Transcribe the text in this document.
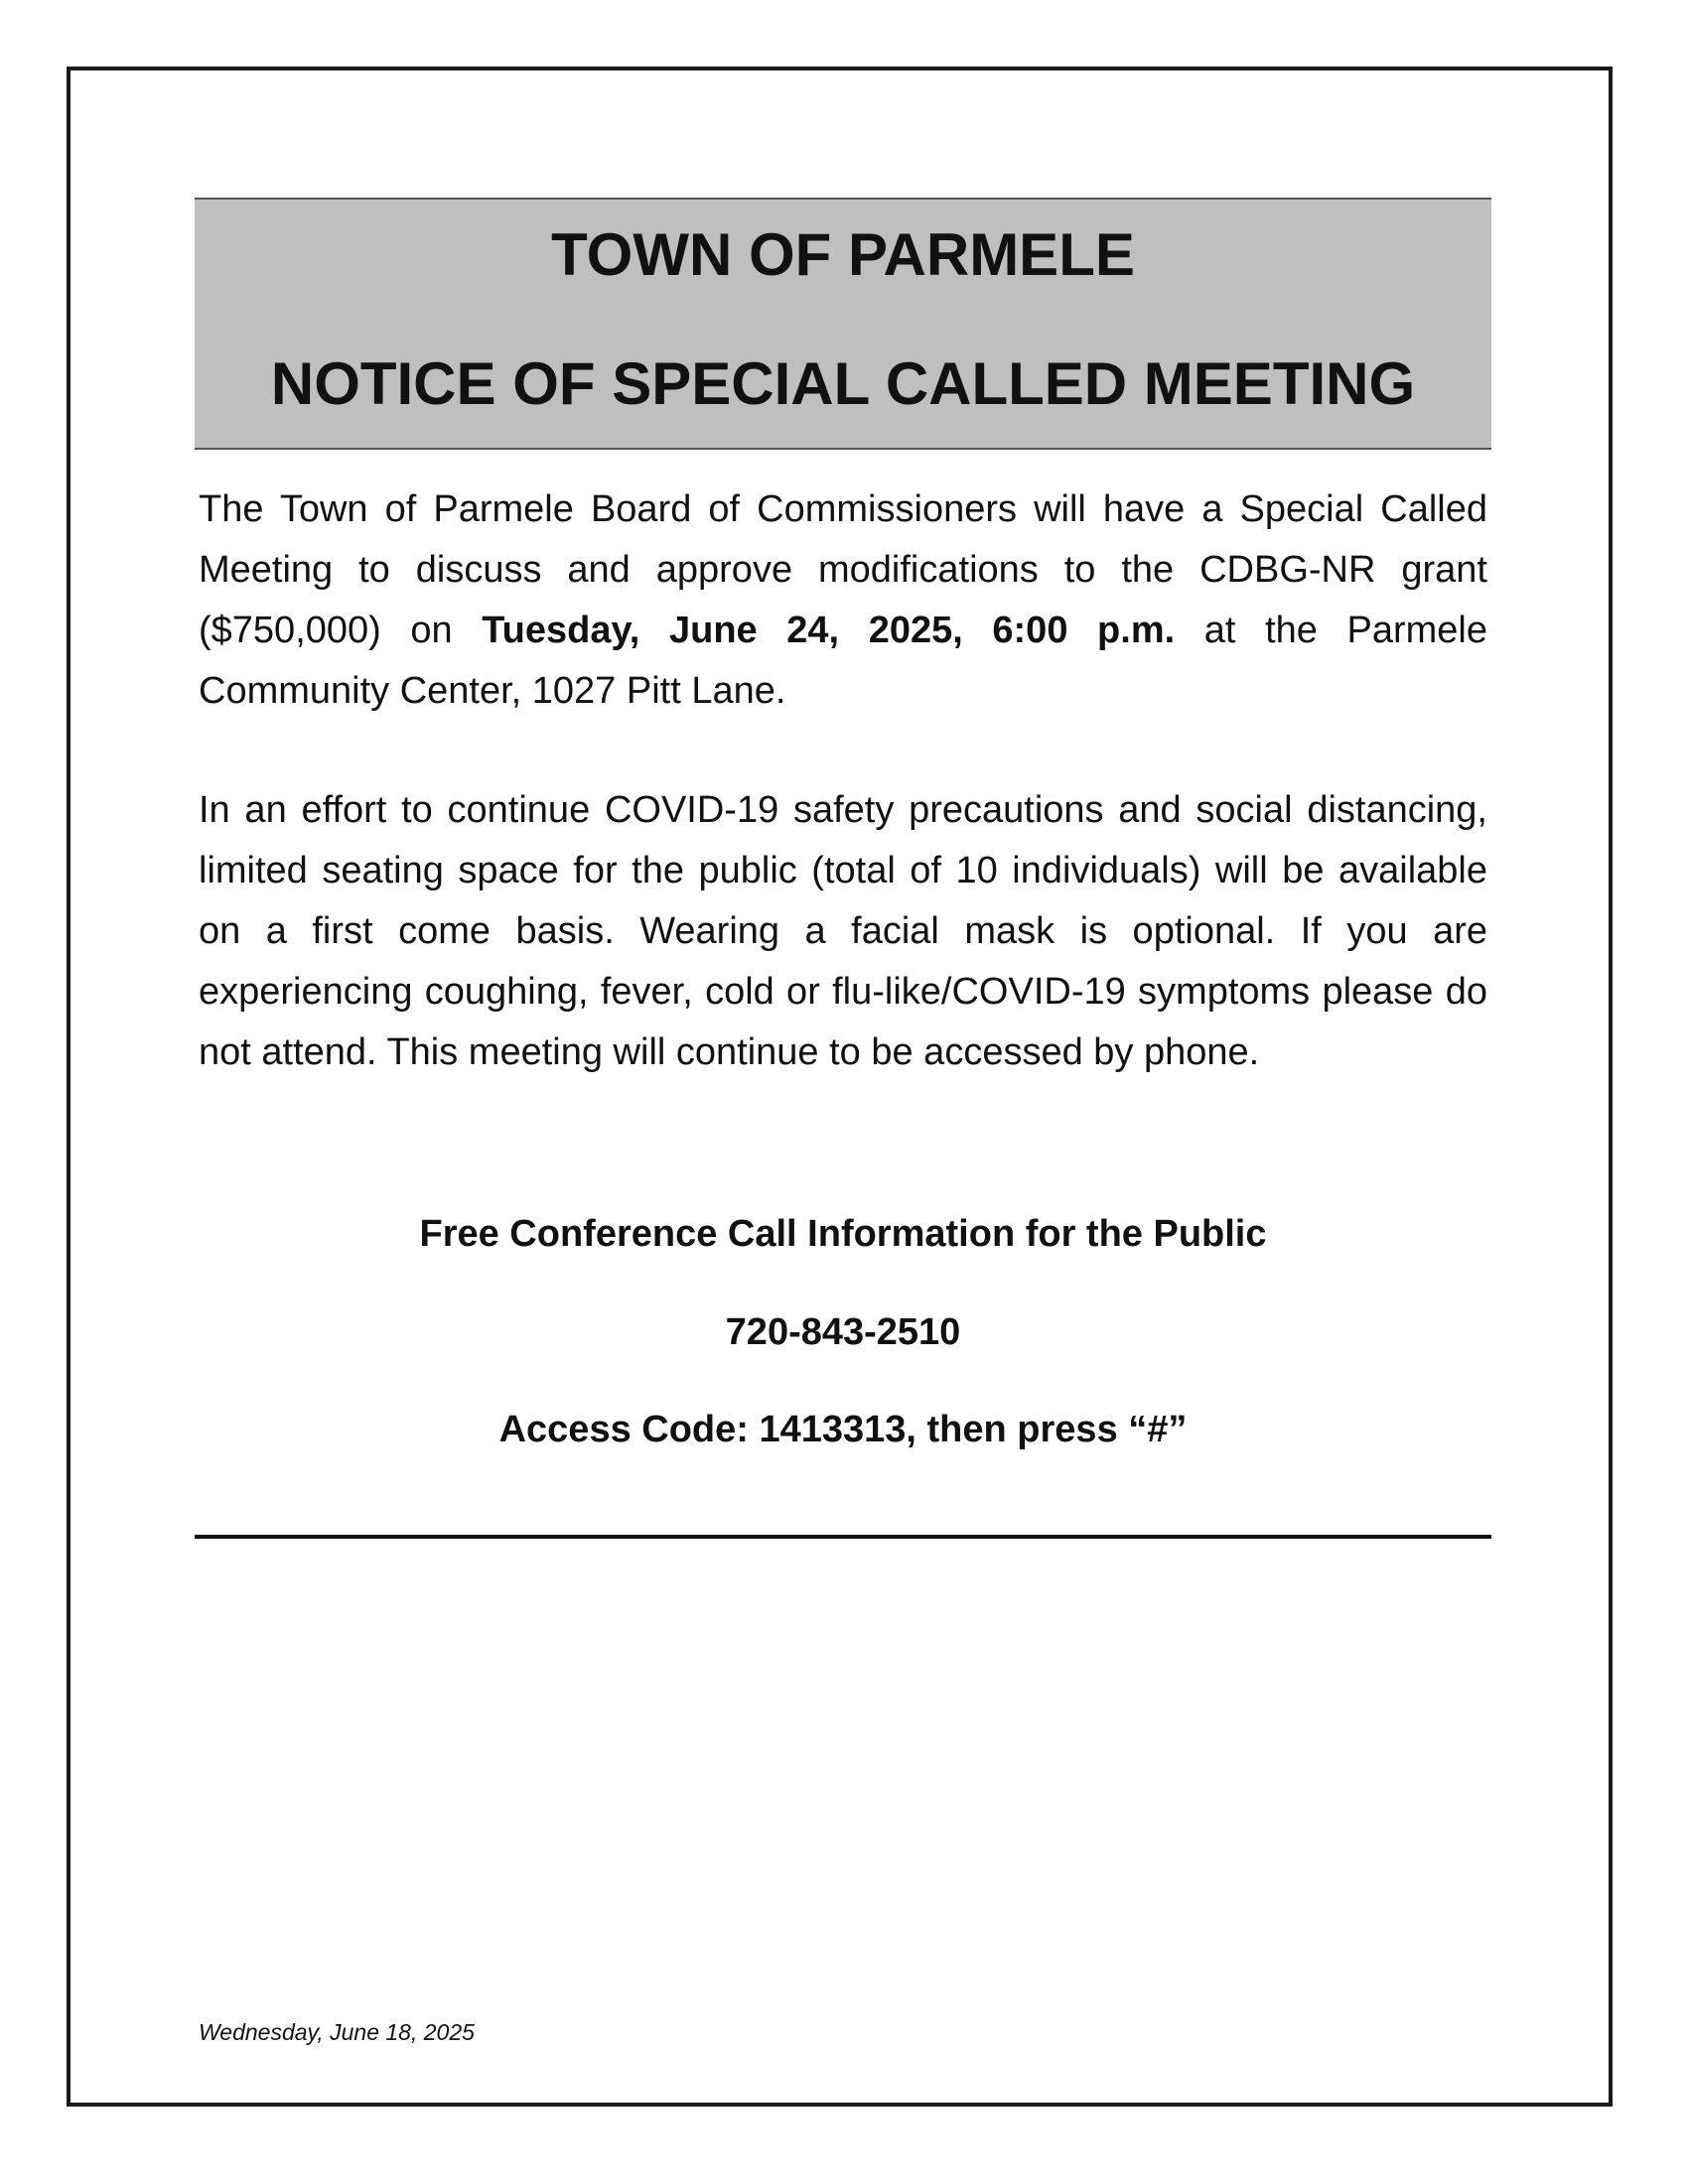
TOWN OF PARMELE
NOTICE OF SPECIAL CALLED MEETING
The Town of Parmele Board of Commissioners will have a Special Called Meeting to discuss and approve modifications to the CDBG-NR grant ($750,000) on Tuesday, June 24, 2025, 6:00 p.m. at the Parmele Community Center, 1027 Pitt Lane.
In an effort to continue COVID-19 safety precautions and social distancing, limited seating space for the public (total of 10 individuals) will be available on a first come basis. Wearing a facial mask is optional. If you are experiencing coughing, fever, cold or flu-like/COVID-19 symptoms please do not attend. This meeting will continue to be accessed by phone.
Free Conference Call Information for the Public
720-843-2510
Access Code: 1413313, then press “#”
Wednesday, June 18, 2025
